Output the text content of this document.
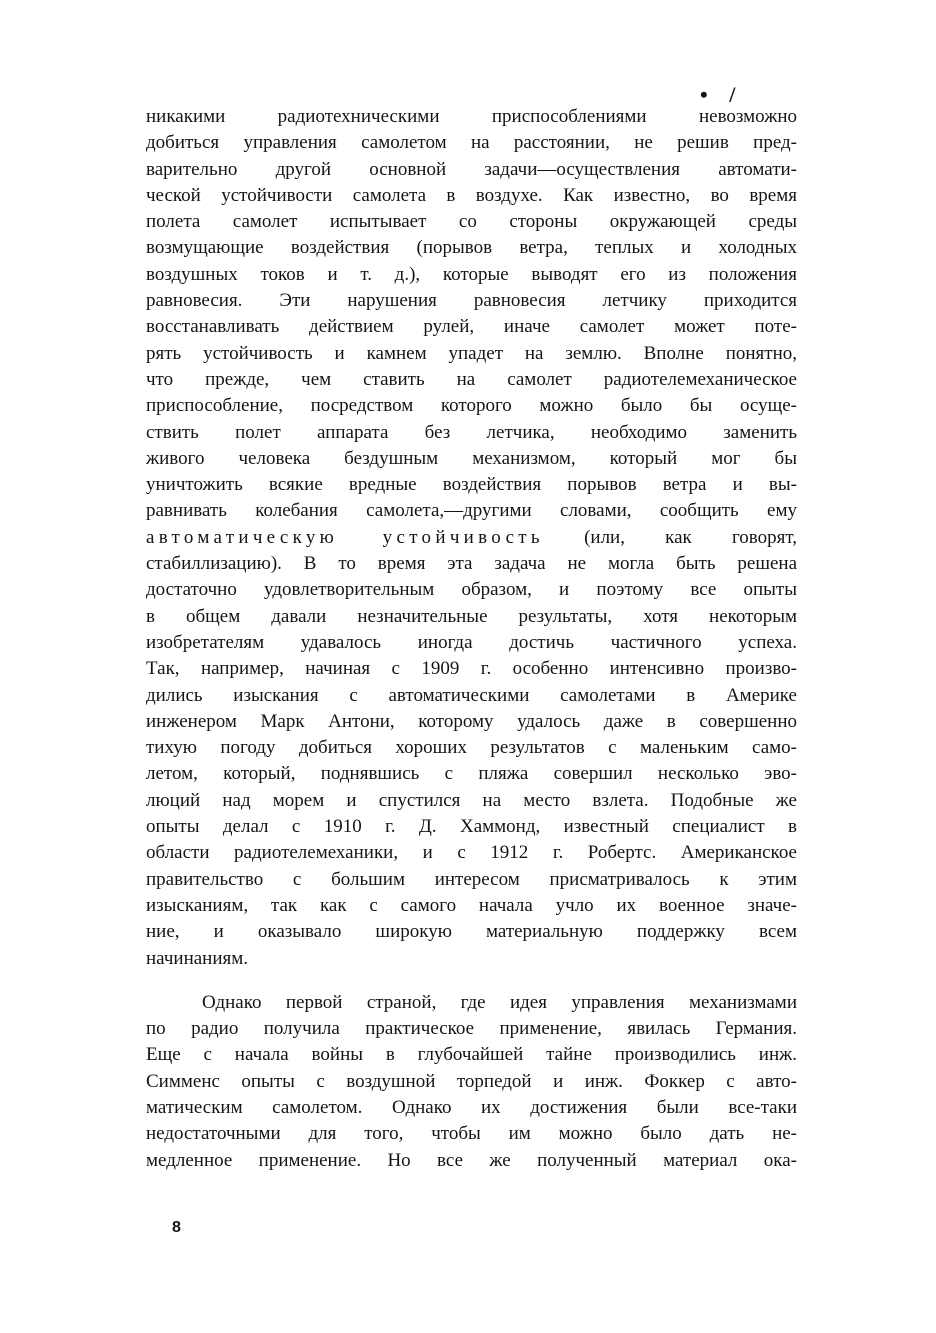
• /
никакими радиотехническими приспособлениями невозможно
добиться управления самолетом на расстоянии, не решив пред-
варительно другой основной задачи—осуществления автомати-
ческой устойчивости самолета в воздухе. Как известно, во время
полета самолет испытывает со стороны окружающей среды
возмущающие воздействия (порывов ветра, теплых и холодных
воздушных токов и т. д.), которые выводят его из положения
равновесия. Эти нарушения равновесия летчику приходится
восстанавливать действием рулей, иначе самолет может поте-
рять устойчивость и камнем упадет на землю. Вполне понятно,
что прежде, чем ставить на самолет радиотелемеханическое
приспособление, посредством которого можно было бы осуще-
ствить полет аппарата без летчика, необходимо заменить
живого человека бездушным механизмом, который мог бы
уничтожить всякие вредные воздействия порывов ветра и вы-
равнивать колебания самолета,—другими словами, сообщить ему
автоматическую устойчивость (или, как говорят,
стабиллизацию). В то время эта задача не могла быть решена
достаточно удовлетворительным образом, и поэтому все опыты
в общем давали незначительные результаты, хотя некоторым
изобретателям удавалось иногда достичь частичного успеха.
Так, например, начиная с 1909 г. особенно интенсивно произво-
дились изыскания с автоматическими самолетами в Америке
инженером Марк Антони, которому удалось даже в совершенно
тихую погоду добиться хороших результатов с маленьким само-
летом, который, поднявшись с пляжа совершил несколько эво-
люций над морем и спустился на место взлета. Подобные же
опыты делал с 1910 г. Д. Хаммонд, известный специалист в
области радиотелемеханики, и с 1912 г. Робертс. Американское
правительство с большим интересом присматривалось к этим
изысканиям, так как с самого начала учло их военное значе-
ние, и оказывало широкую материальную поддержку всем
начинаниям.
Однако первой страной, где идея управления механизмами
по радио получила практическое применение, явилась Германия.
Еще с начала войны в глубочайшей тайне производились инж.
Симменс опыты с воздушной торпедой и инж. Фоккер с авто-
матическим самолетом. Однако их достижения были все-таки
недостаточными для того, чтобы им можно было дать не-
медленное применение. Но все же полученный материал ока-
8
